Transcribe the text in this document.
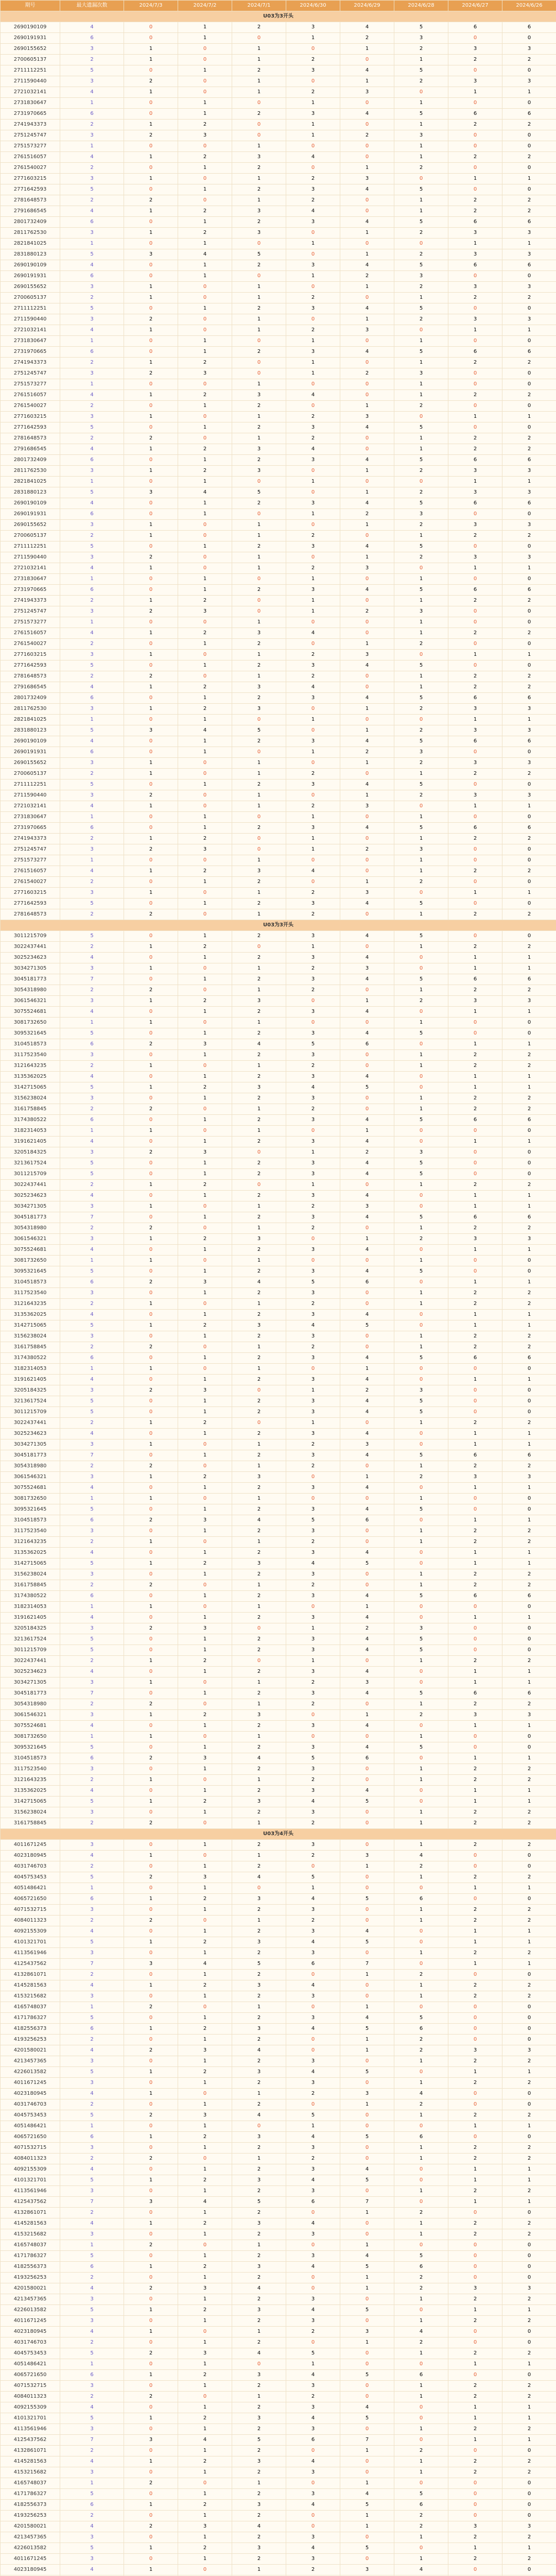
期号	最大遗漏次数	2024/7/3	2024/7/2	2024/7/1	2024/6/30	2024/6/29	2024/6/28	2024/6/27	2024/6/26
U03为3开头									
2690190109	4	0	1	2	3	4	5	6	6
2690191931	6	0	1	0	1	2	3	0	0
2690155652	3	1	0	1	0	1	2	3	3
2700605137	2	1	0	1	2	0	1	2	2
2711112251	5	0	1	2	3	4	5	0	0
2711590440	3	2	0	1	0	1	2	3	3
2721032141	4	1	0	1	2	3	0	1	1
2731830647	1	0	1	0	1	0	1	0	0
2731970665	6	0	1	2	3	4	5	6	6
2741943373	2	1	2	0	1	0	1	2	2
2751245747	3	2	3	0	1	2	3	0	0
2751573277	1	0	0	1	0	0	1	0	0
2761516057	4	1	2	3	4	0	1	2	2
2761540027	2	0	1	2	0	1	2	0	0
2771603215	3	1	0	1	2	3	0	1	1
2771642593	5	0	1	2	3	4	5	0	0
2781648573	2	2	0	1	2	0	1	2	2
2791686545	4	1	2	3	4	0	1	2	2
2801732409	6	0	1	2	3	4	5	6	6
2811762530	3	1	2	3	0	1	2	3	3
2821841025	1	0	1	0	1	0	0	1	1
2831880123	5	3	4	5	0	1	2	3	3
2690190109	4	0	1	2	3	4	5	6	6
2690191931	6	0	1	0	1	2	3	0	0
2690155652	3	1	0	1	0	1	2	3	3
2700605137	2	1	0	1	2	0	1	2	2
2711112251	5	0	1	2	3	4	5	0	0
2711590440	3	2	0	1	0	1	2	3	3
2721032141	4	1	0	1	2	3	0	1	1
2731830647	1	0	1	0	1	0	1	0	0
2731970665	6	0	1	2	3	4	5	6	6
2741943373	2	1	2	0	1	0	1	2	2
2751245747	3	2	3	0	1	2	3	0	0
2751573277	1	0	0	1	0	0	1	0	0
2761516057	4	1	2	3	4	0	1	2	2
2761540027	2	0	1	2	0	1	2	0	0
2771603215	3	1	0	1	2	3	0	1	1
2771642593	5	0	1	2	3	4	5	0	0
2781648573	2	2	0	1	2	0	1	2	2
2791686545	4	1	2	3	4	0	1	2	2
2801732409	6	0	1	2	3	4	5	6	6
2811762530	3	1	2	3	0	1	2	3	3
2821841025	1	0	1	0	1	0	0	1	1
2831880123	5	3	4	5	0	1	2	3	3
2690190109	4	0	1	2	3	4	5	6	6
2690191931	6	0	1	0	1	2	3	0	0
2690155652	3	1	0	1	0	1	2	3	3
2700605137	2	1	0	1	2	0	1	2	2
2711112251	5	0	1	2	3	4	5	0	0
2711590440	3	2	0	1	0	1	2	3	3
2721032141	4	1	0	1	2	3	0	1	1
2731830647	1	0	1	0	1	0	1	0	0
2731970665	6	0	1	2	3	4	5	6	6
2741943373	2	1	2	0	1	0	1	2	2
2751245747	3	2	3	0	1	2	3	0	0
2751573277	1	0	0	1	0	0	1	0	0
2761516057	4	1	2	3	4	0	1	2	2
2761540027	2	0	1	2	0	1	2	0	0
2771603215	3	1	0	1	2	3	0	1	1
2771642593	5	0	1	2	3	4	5	0	0
2781648573	2	2	0	1	2	0	1	2	2
2791686545	4	1	2	3	4	0	1	2	2
2801732409	6	0	1	2	3	4	5	6	6
2811762530	3	1	2	3	0	1	2	3	3
2821841025	1	0	1	0	1	0	0	1	1
2831880123	5	3	4	5	0	1	2	3	3
2690190109	4	0	1	2	3	4	5	6	6
2690191931	6	0	1	0	1	2	3	0	0
2690155652	3	1	0	1	0	1	2	3	3
2700605137	2	1	0	1	2	0	1	2	2
2711112251	5	0	1	2	3	4	5	0	0
2711590440	3	2	0	1	0	1	2	3	3
2721032141	4	1	0	1	2	3	0	1	1
2731830647	1	0	1	0	1	0	1	0	0
2731970665	6	0	1	2	3	4	5	6	6
2741943373	2	1	2	0	1	0	1	2	2
2751245747	3	2	3	0	1	2	3	0	0
2751573277	1	0	0	1	0	0	1	0	0
2761516057	4	1	2	3	4	0	1	2	2
2761540027	2	0	1	2	0	1	2	0	0
2771603215	3	1	0	1	2	3	0	1	1
2771642593	5	0	1	2	3	4	5	0	0
2781648573	2	2	0	1	2	0	1	2	2
U03为3开头									
3011215709	5	0	1	2	3	4	5	0	0
3022437441	2	1	2	0	1	0	1	2	2
3025234623	4	0	1	2	3	4	0	1	1
3034271305	3	1	0	1	2	3	0	1	1
3045181773	7	0	1	2	3	4	5	6	6
3054318980	2	2	0	1	2	0	1	2	2
3061546321	3	1	2	3	0	1	2	3	3
3075524681	4	0	1	2	3	4	0	1	1
3081732650	1	1	0	1	0	0	1	0	0
3095321645	5	0	1	2	3	4	5	0	0
3104518573	6	2	3	4	5	6	0	1	1
3117523540	3	0	1	2	3	0	1	2	2
3121643235	2	1	0	1	2	0	1	2	2
3135362025	4	0	1	2	3	4	0	1	1
3142715065	5	1	2	3	4	5	0	1	1
3156238024	3	0	1	2	3	0	1	2	2
3161758845	2	2	0	1	2	0	1	2	2
3174380522	6	0	1	2	3	4	5	6	6
3182314053	1	1	0	1	0	1	0	0	0
3191621405	4	0	1	2	3	4	0	1	1
3205184325	3	2	3	0	1	2	3	0	0
3213617524	5	0	1	2	3	4	5	0	0
3011215709	5	0	1	2	3	4	5	0	0
3022437441	2	1	2	0	1	0	1	2	2
3025234623	4	0	1	2	3	4	0	1	1
3034271305	3	1	0	1	2	3	0	1	1
3045181773	7	0	1	2	3	4	5	6	6
3054318980	2	2	0	1	2	0	1	2	2
3061546321	3	1	2	3	0	1	2	3	3
3075524681	4	0	1	2	3	4	0	1	1
3081732650	1	1	0	1	0	0	1	0	0
3095321645	5	0	1	2	3	4	5	0	0
3104518573	6	2	3	4	5	6	0	1	1
3117523540	3	0	1	2	3	0	1	2	2
3121643235	2	1	0	1	2	0	1	2	2
3135362025	4	0	1	2	3	4	0	1	1
3142715065	5	1	2	3	4	5	0	1	1
3156238024	3	0	1	2	3	0	1	2	2
3161758845	2	2	0	1	2	0	1	2	2
3174380522	6	0	1	2	3	4	5	6	6
3182314053	1	1	0	1	0	1	0	0	0
3191621405	4	0	1	2	3	4	0	1	1
3205184325	3	2	3	0	1	2	3	0	0
3213617524	5	0	1	2	3	4	5	0	0
3011215709	5	0	1	2	3	4	5	0	0
3022437441	2	1	2	0	1	0	1	2	2
3025234623	4	0	1	2	3	4	0	1	1
3034271305	3	1	0	1	2	3	0	1	1
3045181773	7	0	1	2	3	4	5	6	6
3054318980	2	2	0	1	2	0	1	2	2
3061546321	3	1	2	3	0	1	2	3	3
3075524681	4	0	1	2	3	4	0	1	1
3081732650	1	1	0	1	0	0	1	0	0
3095321645	5	0	1	2	3	4	5	0	0
3104518573	6	2	3	4	5	6	0	1	1
3117523540	3	0	1	2	3	0	1	2	2
3121643235	2	1	0	1	2	0	1	2	2
3135362025	4	0	1	2	3	4	0	1	1
3142715065	5	1	2	3	4	5	0	1	1
3156238024	3	0	1	2	3	0	1	2	2
3161758845	2	2	0	1	2	0	1	2	2
3174380522	6	0	1	2	3	4	5	6	6
3182314053	1	1	0	1	0	1	0	0	0
3191621405	4	0	1	2	3	4	0	1	1
3205184325	3	2	3	0	1	2	3	0	0
3213617524	5	0	1	2	3	4	5	0	0
3011215709	5	0	1	2	3	4	5	0	0
3022437441	2	1	2	0	1	0	1	2	2
3025234623	4	0	1	2	3	4	0	1	1
3034271305	3	1	0	1	2	3	0	1	1
3045181773	7	0	1	2	3	4	5	6	6
3054318980	2	2	0	1	2	0	1	2	2
3061546321	3	1	2	3	0	1	2	3	3
3075524681	4	0	1	2	3	4	0	1	1
3081732650	1	1	0	1	0	0	1	0	0
3095321645	5	0	1	2	3	4	5	0	0
3104518573	6	2	3	4	5	6	0	1	1
3117523540	3	0	1	2	3	0	1	2	2
3121643235	2	1	0	1	2	0	1	2	2
3135362025	4	0	1	2	3	4	0	1	1
3142715065	5	1	2	3	4	5	0	1	1
3156238024	3	0	1	2	3	0	1	2	2
3161758845	2	2	0	1	2	0	1	2	2
U03为4开头									
4011671245	3	0	1	2	3	0	1	2	2
4023180945	4	1	0	1	2	3	4	0	0
4031746703	2	0	1	2	0	1	2	0	0
4045753453	5	2	3	4	5	0	1	2	2
4051486421	1	0	1	0	1	0	0	1	1
4065721650	6	1	2	3	4	5	6	0	0
4071532715	3	0	1	2	3	0	1	2	2
4084011323	2	2	0	1	2	0	1	2	2
4092155309	4	0	1	2	3	4	0	1	1
4101321701	5	1	2	3	4	5	0	1	1
4113561946	3	0	1	2	3	0	1	2	2
4125437562	7	3	4	5	6	7	0	1	1
4132861071	2	0	1	2	0	1	2	0	0
4145281563	4	1	2	3	4	0	1	2	2
4153215682	3	0	1	2	3	0	1	2	2
4165748037	1	2	0	1	0	1	0	0	0
4171786327	5	0	1	2	3	4	5	0	0
4182556373	6	1	2	3	4	5	6	0	0
4193256253	2	0	1	2	0	1	2	0	0
4201580021	4	2	3	4	0	1	2	3	3
4213457365	3	0	1	2	3	0	1	2	2
4226013582	5	1	2	3	4	5	0	1	1
4011671245	3	0	1	2	3	0	1	2	2
4023180945	4	1	0	1	2	3	4	0	0
4031746703	2	0	1	2	0	1	2	0	0
4045753453	5	2	3	4	5	0	1	2	2
4051486421	1	0	1	0	1	0	0	1	1
4065721650	6	1	2	3	4	5	6	0	0
4071532715	3	0	1	2	3	0	1	2	2
4084011323	2	2	0	1	2	0	1	2	2
4092155309	4	0	1	2	3	4	0	1	1
4101321701	5	1	2	3	4	5	0	1	1
4113561946	3	0	1	2	3	0	1	2	2
4125437562	7	3	4	5	6	7	0	1	1
4132861071	2	0	1	2	0	1	2	0	0
4145281563	4	1	2	3	4	0	1	2	2
4153215682	3	0	1	2	3	0	1	2	2
4165748037	1	2	0	1	0	1	0	0	0
4171786327	5	0	1	2	3	4	5	0	0
4182556373	6	1	2	3	4	5	6	0	0
4193256253	2	0	1	2	0	1	2	0	0
4201580021	4	2	3	4	0	1	2	3	3
4213457365	3	0	1	2	3	0	1	2	2
4226013582	5	1	2	3	4	5	0	1	1
4011671245	3	0	1	2	3	0	1	2	2
4023180945	4	1	0	1	2	3	4	0	0
4031746703	2	0	1	2	0	1	2	0	0
4045753453	5	2	3	4	5	0	1	2	2
4051486421	1	0	1	0	1	0	0	1	1
4065721650	6	1	2	3	4	5	6	0	0
4071532715	3	0	1	2	3	0	1	2	2
4084011323	2	2	0	1	2	0	1	2	2
4092155309	4	0	1	2	3	4	0	1	1
4101321701	5	1	2	3	4	5	0	1	1
4113561946	3	0	1	2	3	0	1	2	2
4125437562	7	3	4	5	6	7	0	1	1
4132861071	2	0	1	2	0	1	2	0	0
4145281563	4	1	2	3	4	0	1	2	2
4153215682	3	0	1	2	3	0	1	2	2
4165748037	1	2	0	1	0	1	0	0	0
4171786327	5	0	1	2	3	4	5	0	0
4182556373	6	1	2	3	4	5	6	0	0
4193256253	2	0	1	2	0	1	2	0	0
4201580021	4	2	3	4	0	1	2	3	3
4213457365	3	0	1	2	3	0	1	2	2
4226013582	5	1	2	3	4	5	0	1	1
4011671245	3	0	1	2	3	0	1	2	2
4023180945	4	1	0	1	2	3	4	0	0
